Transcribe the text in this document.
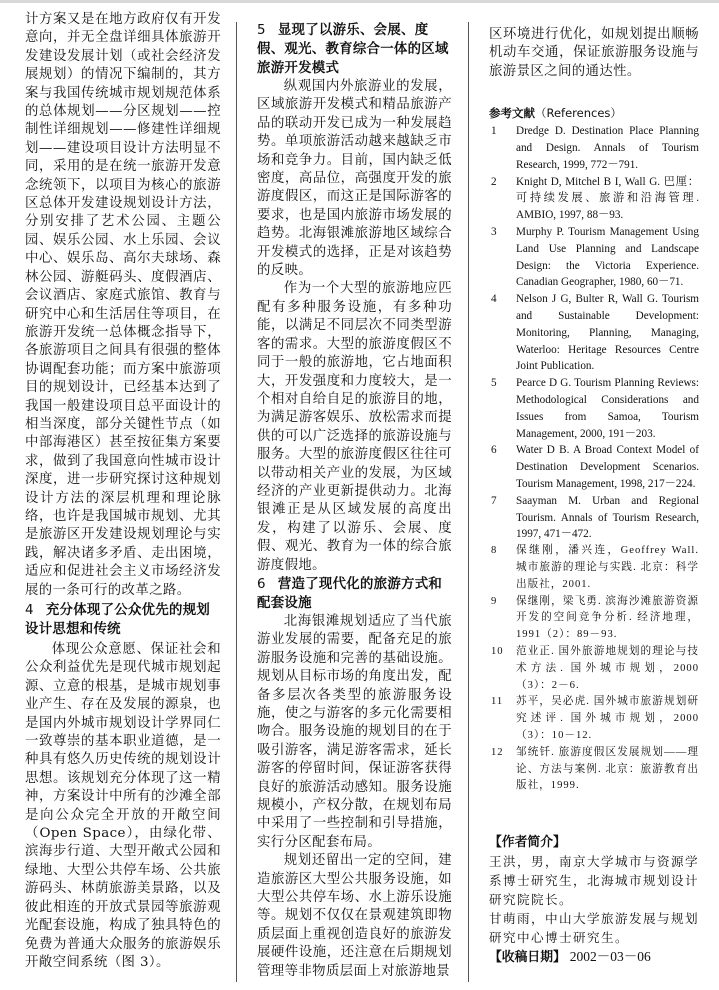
计方案又是在地方政府仅有开发意向，并无全盘详细具体旅游开发建设发展计划（或社会经济发展规划）的情况下编制的，其方案与我国传统城市规划规范体系的总体规划——分区规划——控制性详细规划——修建性详细规划——建设项目设计方法明显不同，采用的是在统一旅游开发意念统领下，以项目为核心的旅游区总体开发建设规划设计方法，分别安排了艺术公园、主题公园、娱乐公园、水上乐园、会议中心、娱乐岛、高尔夫球场、森林公园、游艇码头、度假酒店、会议酒店、家庭式旅馆、教育与研究中心和生活居住等项目，在旅游开发统一总体概念指导下，各旅游项目之间具有很强的整体协调配套功能；而方案中旅游项目的规划设计，已经基本达到了我国一般建设项目总平面设计的相当深度，部分关键性节点（如中部海港区）甚至按征集方案要求，做到了我国意向性城市设计深度，进一步研究探讨这种规划设计方法的深层机理和理论脉络，也许是我国城市规划、尤其是旅游区开发建设规划理论与实践，解决诸多矛盾、走出困境，适应和促进社会主义市场经济发展的一条可行的改革之路。

4 充分体现了公众优先的规划设计思想和传统

体现公众意愿、保证社会和公众利益优先是现代城市规划起源、立意的根基，是城市规划事业产生、存在及发展的源泉，也是国内外城市规划设计学界同仁一致尊崇的基本职业道德，是一种具有悠久历史传统的规划设计思想。该规划充分体现了这一精神，方案设计中所有的沙滩全部是向公众完全开放的开敞空间（Open Space），由绿化带、滨海步行道、大型开敞式公园和绿地、大型公共停车场、公共旅游码头、林荫旅游美景路，以及彼此相连的开放式景园等旅游观光配套设施，构成了独具特色的免费为普通大众服务的旅游娱乐开敞空间系统（图 3）。

5 显现了以游乐、会展、度假、观光、教育综合一体的区域旅游开发模式

纵观国内外旅游业的发展，区域旅游开发模式和精品旅游产品的联动开发已成为一种发展趋势。单项旅游活动越来越缺乏市场和竞争力。目前，国内缺乏低密度，高品位，高强度开发的旅游度假区，而这正是国际游客的要求，也是国内旅游市场发展的趋势。北海银滩旅游地区域综合开发模式的选择，正是对该趋势的反映。

作为一个大型的旅游地应匹配有多种服务设施，有多种功能，以满足不同层次不同类型游客的需求。大型的旅游度假区不同于一般的旅游地，它占地面积大，开发强度和力度较大，是一个相对自给自足的旅游目的地，为满足游客娱乐、放松需求而提供的可以广泛选择的旅游设施与服务。大型的旅游度假区往往可以带动相关产业的发展，为区域经济的产业更新提供动力。北海银滩正是从区域发展的高度出发，构建了以游乐、会展、度假、观光、教育为一体的综合旅游度假地。

6 营造了现代化的旅游方式和配套设施

北海银滩规划适应了当代旅游业发展的需要，配备充足的旅游服务设施和完善的基础设施。规划从目标市场的角度出发，配备多层次各类型的旅游服务设施，使之与游客的多元化需要相吻合。服务设施的规划目的在于吸引游客，满足游客需求，延长游客的停留时间，保证游客获得良好的旅游活动感知。服务设施规模小，产权分散，在规划布局中采用了一些控制和引导措施，实行分区配套布局。

规划还留出一定的空间，建造旅游区大型公共服务设施，如大型公共停车场、水上游乐设施等。规划不仅仅在景观建筑即物质层面上重视创造良好的旅游发展硬件设施，还注意在后期规划管理等非物质层面上对旅游地景

区环境进行优化，如规划提出顺畅机动车交通，保证旅游服务设施与旅游景区之间的通达性。

参考文献（References）
1 Dredge D. Destination Place Planning and Design. Annals of Tourism Research, 1999, 772－791.
2 Knight D, Mitchel B I, Wall G. 巴厘：可持续发展、旅游和沿海管理. AMBIO, 1997, 88－93.
3 Murphy P. Tourism Management Using Land Use Planning and Landscape Design: the Victoria Experience. Canadian Geographer, 1980, 60－71.
4 Nelson J G, Bulter R, Wall G. Tourism and Sustainable Development: Monitoring, Planning, Managing, Waterloo: Heritage Resources Centre Joint Publication.
5 Pearce D G. Tourism Planning Reviews: Methodological Considerations and Issues from Samoa, Tourism Management, 2000, 191－203.
6 Water D B. A Broad Context Model of Destination Development Scenarios. Tourism Management, 1998, 217－224.
7 Saayman M. Urban and Regional Tourism. Annals of Tourism Research, 1997, 471－472.
8 保继刚，潘兴连，Geoffrey Wall. 城市旅游的理论与实践. 北京：科学出版社，2001.
9 保继刚，梁飞勇. 滨海沙滩旅游资源开发的空间竞争分析. 经济地理，1991（2）：89－93.
10 范业正. 国外旅游地规划的理论与技术方法. 国外城市规划，2000（3）：2－6.
11 苏平，吴必虎. 国外城市旅游规划研究述评. 国外城市规划，2000（3）：10－12.
12 邹统钎. 旅游度假区发展规划——理论、方法与案例. 北京：旅游教育出版社，1999.
【作者简介】

王洪，男，南京大学城市与资源学系博士研究生，北海城市规划设计研究院院长。

甘萌雨，中山大学旅游发展与规划研究中心博士研究生。

【收稿日期】 2002－03－06
